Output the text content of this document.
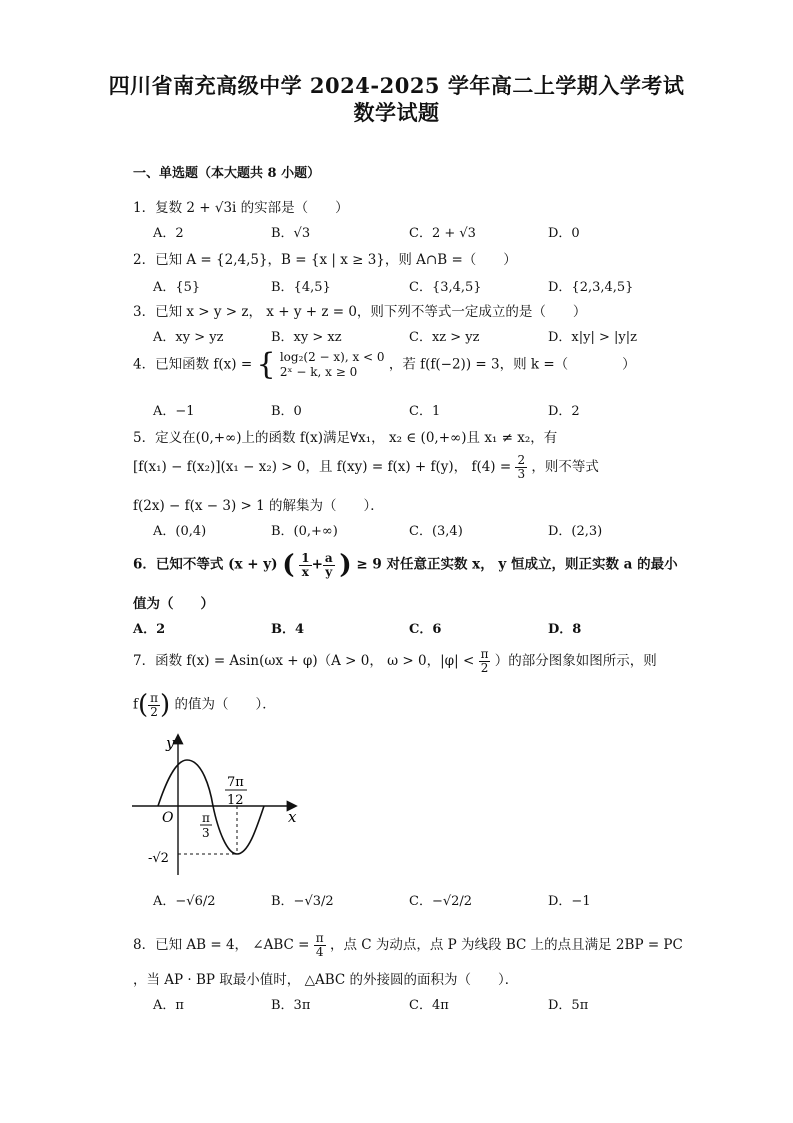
四川省南充高级中学 2024-2025 学年高二上学期入学考试
数学试题
一、单选题（本大题共 8 小题）
1．复数 2 + √3i 的实部是（　　）
A．2	B．√3	C．2 + √3	D．0
2．已知 A = {2,4,5}，B = {x | x ≥ 3}，则 A∩B =（　　）
A．{5}	B．{4,5}	C．{3,4,5}	D．{2,3,4,5}
3．已知 x > y > z， x + y + z = 0，则下列不等式一定成立的是（　　）
A．xy > yz	B．xy > xz	C．xz > yz	D．x|y| > |y|z
4．已知函数 f(x) = { log₂(2 − x), x < 0
2ˣ − k, x ≥ 0	，若 f(f(−2)) = 3，则 k =（　　　　）
A．−1	B．0	C．1	D．2
5．定义在(0,+∞)上的函数 f(x)满足∀x₁， x₂ ∈ (0,+∞)且 x₁ ≠ x₂，有
[f(x₁) − f(x₂)](x₁ − x₂) > 0，且 f(xy) = f(x) + f(y)， $f(4) = \frac{2}{3}$ ，则不等式
f(2x) − f(x − 3) > 1 的解集为（　　）．
A．(0,4)	B．(0,+∞)	C．(3,4)	D．(2,3)
6．已知不等式 (x + y) ( $\frac{1}{x} + \frac{a}{y}$ ) ≥ 9 对任意正实数 x， y 恒成立，则正实数 a 的最小
值为（　　）
A．2	B．4	C．6	D．8
7．函数 f(x) = Asin(ωx + φ)（A > 0， ω > 0，$|\varphi| < \frac{\pi}{2}$ ）的部分图象如图所示，则
$f( \frac{\pi}{2}$ ) 的值为（　　）．
y
x
O π
3
7π
12
-√2
A．−√6/2	B．−√3/2	C．−√2/2	D．−1
8．已知 AB = 4， ∠ABC = $\frac{\pi}{4}$ ，点 C 为动点，点 P 为线段 BC 上的点且满足 2BP = PC
，当 AP · BP 取最小值时， △ABC 的外接圆的面积为（　　）．
A．π	B．3π	C．4π	D．5π
